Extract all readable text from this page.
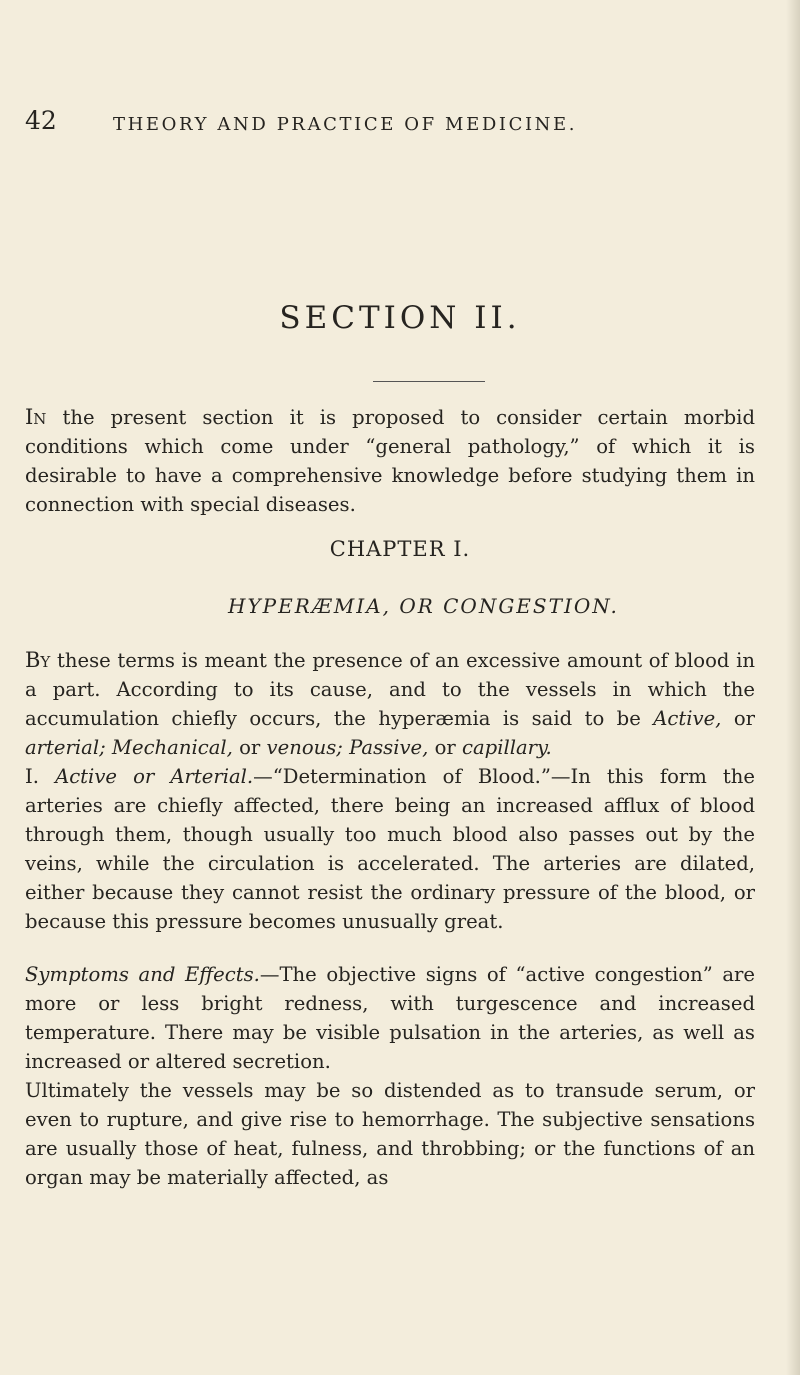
42	THEORY AND PRACTICE OF MEDICINE.

SECTION II.

In the present section it is proposed to consider certain morbid conditions which come under “general pathology,” of which it is desirable to have a comprehensive knowledge before studying them in connection with special diseases.

CHAPTER I.

HYPERÆMIA, OR CONGESTION.

By these terms is meant the presence of an excessive amount of blood in a part. According to its cause, and to the vessels in which the accumulation chiefly occurs, the hyperæmia is said to be Active, or arterial; Mechanical, or venous; Passive, or capillary.

I. Active or Arterial.—“Determination of Blood.”—In this form the arteries are chiefly affected, there being an increased afflux of blood through them, though usually too much blood also passes out by the veins, while the circulation is accelerated. The arteries are dilated, either because they cannot resist the ordinary pressure of the blood, or because this pressure becomes unusually great.

Symptoms and Effects.—The objective signs of “active congestion” are more or less bright redness, with turgescence and increased temperature. There may be visible pulsation in the arteries, as well as increased or altered secretion.

Ultimately the vessels may be so distended as to transude serum, or even to rupture, and give rise to hemorrhage. The subjective sensations are usually those of heat, fulness, and throbbing; or the functions of an organ may be materially affected, as
